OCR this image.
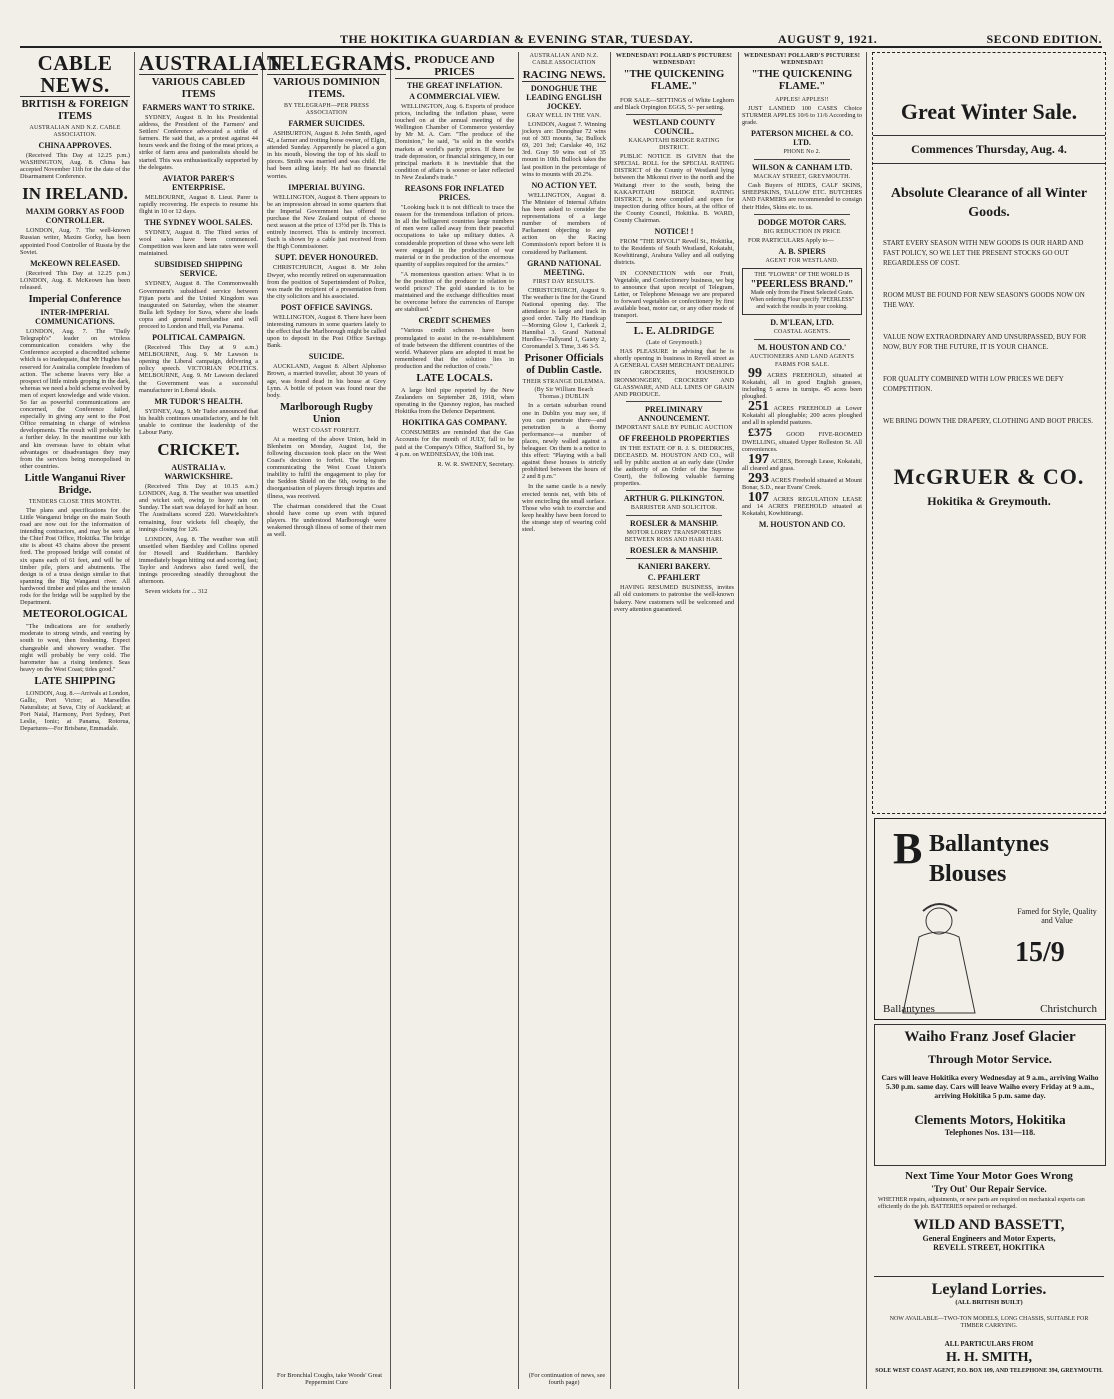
THE HOKITIKA GUARDIAN & EVENING STAR, TUESDAY.	AUGUST 9, 1921.	SECOND EDITION.
CABLE NEWS.
BRITISH & FOREIGN ITEMS
AUSTRALIAN AND N.Z. CABLE ASSOCIATION.
CHINA APPROVES.

(Received This Day at 12.25 p.m.) WASHINGTON, Aug. 8. China has accepted November 11th for the date of the Disarmament Conference.

IN IRELAND.
MAXIM GORKY AS FOOD CONTROLLER.

LONDON, Aug. 7. The well-known Russian writer, Maxim Gorky, has been appointed Food Controller of Russia by the Soviet.

McKEOWN RELEASED.

(Received This Day at 12.25 p.m.) LONDON, Aug. 8. McKeown has been released.

Imperial Conference
INTER-IMPERIAL COMMUNICATIONS.

LONDON, Aug. 7. The "Daily Telegraph's" leader on wireless communication considers why the Conference accepted a discredited scheme which is so inadequate, that Mr Hughes has reserved for Australia complete freedom of action. The scheme leaves very like a prospect of little minds groping in the dark, whereas we need a bold scheme evolved by men of expert knowledge and wide vision. So far as powerful communications are concerned, the Conference failed, especially in giving any sent to the Post Office remaining in charge of wireless developments. The result will probably be a further delay. In the meantime our kith and kin overseas have to obtain what advantages or disadvantages they may from the services being monopolised in other countries.

Little Wanganui River Bridge.
TENDERS CLOSE THIS MONTH.

The plans and specifications for the Little Wanganui bridge on the main South road are now out for the information of intending contractors, and may be seen at the Chief Post Office, Hokitika. The bridge site is about 43 chains above the present ford. The proposed bridge will consist of six spans each of 61 feet, and will be of timber pile, piers and abutments. The design is of a truss design similar to that spanning the Big Wanganui river. All hardwood timber and piles and the tension rods for the bridge will be supplied by the Department.

METEOROLOGICAL

"The indications are for southerly moderate to strong winds, and veering by south to west, then freshening. Expect changeable and showery weather. The night will probably be very cold. The barometer has a rising tendency. Seas heavy on the West Coast; tides good."

LATE SHIPPING

LONDON, Aug. 8.—Arrivals at London, Gallic, Port Victor; at Marseilles Naturaliste; at Suva, City of Auckland; at Port Natal, Harmony, Port Sydney, Port Leslie, Ionic; at Panama, Rotorua, Departures—For Brisbane, Emmadale.

AUSTRALIAN.
VARIOUS CABLED ITEMS
FARMERS WANT TO STRIKE.

SYDNEY, August 8. In his Presidential address, the President of the Farmers' and Settlers' Conference advocated a strike of farmers. He said that, as a protest against 44 hours week and the fixing of the meat prices, a strike of farm area and pastoralists should be started. This was enthusiastically supported by the delegates.

AVIATOR PARER'S ENTERPRISE.

MELBOURNE, August 8. Lieut. Parer is rapidly recovering. He expects to resume his flight in 10 or 12 days.

THE SYDNEY WOOL SALES.

SYDNEY, August 8. The Third series of wool sales have been commenced. Competition was keen and late rates were well maintained.

SUBSIDISED SHIPPING SERVICE.

SYDNEY, August 8. The Commonwealth Government's subsidised service between Fijian ports and the United Kingdom was inaugurated on Saturday, when the steamer Bulla left Sydney for Suva, where she loads copra and general merchandise and will proceed to London and Hull, via Panama.

POLITICAL CAMPAIGN.

(Received This Day at 9 a.m.) MELBOURNE, Aug. 9. Mr Lawson is opening the Liberal campaign, delivering a policy speech. VICTORIAN POLITICS. MELBOURNE, Aug. 9. Mr Lawson declared the Government was a successful manufacturer in Liberal ideals.

MR TUDOR'S HEALTH.

SYDNEY, Aug. 9. Mr Tudor announced that his health continues unsatisfactory, and he felt unable to continue the leadership of the Labour Party.

CRICKET.
AUSTRALIA v. WARWICKSHIRE.

(Received This Day at 10.15 a.m.) LONDON, Aug. 8. The weather was unsettled and wicket soft, owing to heavy rain on Sunday. The start was delayed for half an hour. The Australians scored 220. Warwickshire's remaining, four wickets fell cheaply, the innings closing for 126.

LONDON, Aug. 8. The weather was still unsettled when Bardsley and Collins opened for Howell and Rudderham. Bardsley immediately began hitting out and scoring fast; Taylor and Andrews also fared well, the innings proceeding steadily throughout the afternoon.

Seven wickets for ... 312

TELEGRAMS.
VARIOUS DOMINION ITEMS.
BY TELEGRAPH—PER PRESS ASSOCIATION
FARMER SUICIDES.

ASHBURTON, August 8. John Smith, aged 42, a farmer and trotting horse owner, of Elgin, attended Sunday. Apparently he placed a gun in his mouth, blowing the top of his skull to pieces. Smith was married and was child. He had been ailing lately. He had no financial worries.

IMPERIAL BUYING.

WELLINGTON, August 8. There appears to be an impression abroad in some quarters that the Imperial Government has offered to purchase the New Zealand output of cheese next season at the price of 13½d per lb. This is entirely incorrect. This is entirely incorrect. Such is shown by a cable just received from the High Commissioner.

SUPT. DEVER HONOURED.

CHRISTCHURCH, August 8. Mr John Dwyer, who recently retired on superannuation from the position of Superintendent of Police, was made the recipient of a presentation from the city solicitors and his associated.

POST OFFICE SAVINGS.

WELLINGTON, August 8. There have been interesting rumours in some quarters lately to the effect that the Marlborough might be called upon to deposit in the Post Office Savings Bank.

SUICIDE.

AUCKLAND, August 8. Albert Alphonso Brown, a married traveller, about 30 years of age, was found dead in his house at Grey Lynn. A bottle of poison was found near the body.

Marlborough Rugby Union
WEST COAST FORFEIT.

At a meeting of the above Union, held in Blenheim on Monday, August 1st, the following discussion took place on the West Coast's decision to forfeit. The telegram communicating the West Coast Union's inability to fulfil the engagement to play for the Seddon Shield on the 6th, owing to the disorganisation of players through injuries and illness, was received.

The chairman considered that the Coast should have come up even with injured players. He understood Marlborough were weakened through illness of some of their men as well.

For Bronchial Coughs, take Woods' Great Peppermint Cure

PRODUCE AND PRICES
THE GREAT INFLATION.
A COMMERCIAL VIEW.

WELLINGTON, Aug. 6. Exports of produce prices, including the inflation phase, were touched on at the annual meeting of the Wellington Chamber of Commerce yesterday by Mr M. A. Carr. "The produce of the Dominion," he said, "is sold in the world's markets at world's parity prices. If there be trade depression, or financial stringency, in our principal markets it is inevitable that the condition of affairs is sooner or later reflected in New Zealand's trade."

REASONS FOR INFLATED PRICES.

"Looking back it is not difficult to trace the reason for the tremendous inflation of prices. In all the belligerent countries large numbers of men were called away from their peaceful occupations to take up military duties. A considerable proportion of those who were left were engaged in the production of war material or in the production of the enormous quantity of supplies required for the armies."

"A momentous question arises: What is to be the position of the producer in relation to world prices? The gold standard is to be maintained and the exchange difficulties must be overcome before the currencies of Europe are stabilised."

CREDIT SCHEMES

"Various credit schemes have been promulgated to assist in the re-establishment of trade between the different countries of the world. Whatever plans are adopted it must be remembered that the solution lies in production and the reduction of costs."

LATE LOCALS.

A large bird pipe reported by the New Zealanders on September 28, 1918, when operating in the Quesnoy region, has reached Hokitika from the Defence Department.

HOKITIKA GAS COMPANY.

CONSUMERS are reminded that the Gas Accounts for the month of JULY, fall to be paid at the Company's Office, Stafford St., by 4 p.m. on WEDNESDAY, the 10th inst.

R. W. R. SWENEY, Secretary.

AUSTRALIAN AND N.Z. CABLE ASSOCIATION
RACING NEWS.
DONOGHUE THE LEADING ENGLISH JOCKEY.
GRAY WELL IN THE VAN.

LONDON, August 7. Winning jockeys are: Donoghue 72 wins out of 303 mounts, 3a; Bullock 69, 201 3rd; Carslake 40, 162 3rd. Gray 59 wins out of 35 mount in 10th. Bullock takes the last position in the percentage of wins to mounts with 20.2%.

NO ACTION YET.

WELLINGTON, August 8. The Minister of Internal Affairs has been asked to consider the representations of a large number of members of Parliament objecting to any action on the Racing Commission's report before it is considered by Parliament.

GRAND NATIONAL MEETING.
FIRST DAY RESULTS.

CHRISTCHURCH, August 9. The weather is fine for the Grand National opening day. The attendance is large and track in good order. Tally Ho Handicap—Morning Glow 1, Carkeek 2, Hannibal 3. Grand National Hurdles—Tallyrand 1, Gaiety 2, Coromandel 3. Time, 3.46 3-5.

Prisoner Officials of Dublin Castle.
THEIR STRANGE DILEMMA.
(By Sir William Beach Thomas.) DUBLIN

In a certain suburban round one in Dublin you may see, if you can penetrate there—and penetration is a thorny performance—a number of places, newly walled against a beleaguer. On them is a notice to this effect: "Playing with a ball against these houses is strictly prohibited between the hours of 2 and 8 p.m."

In the same castle is a newly erected tennis net, with bits of wire encircling the small surface. Those who wish to exercise and keep healthy have been forced to the strange step of wearing cold steel.

(For continuation of news, see fourth page)

WEDNESDAY! POLLARD'S PICTURES! WEDNESDAY!
"THE QUICKENING FLAME."

FOR SALE—SETTINGS of White Leghorn and Black Orpington EGGS, 5/- per setting.

WESTLAND COUNTY COUNCIL.
KAKAPOTAHI BRIDGE RATING DISTRICT.

PUBLIC NOTICE IS GIVEN that the SPECIAL ROLL for the SPECIAL RATING DISTRICT of the County of Westland lying between the Mikonui river to the north and the Waitangi river to the south, being the KAKAPOTAHI BRIDGE RATING DISTRICT, is now compiled and open for inspection during office hours, at the office of the County Council, Hokitika. B. WARD, County Chairman.

NOTICE! !

FROM "THE RIVOLI" Revell St., Hokitika, to the Residents of South Westland, Kokatahi, Kowhitirangi, Arahura Valley and all outlying districts.

IN CONNECTION with our Fruit, Vegetable, and Confectionery business, we beg to announce that upon receipt of Telegram, Letter, or Telephone Message we are prepared to forward vegetables or confectionery by first available boat, motor car, or any other mode of transport.

L. E. ALDRIDGE
(Late of Greymouth.)

HAS PLEASURE in advising that he is shortly opening in business in Revell street as A GENERAL CASH MERCHANT DEALING IN GROCERIES, HOUSEHOLD IRONMONGERY, CROCKERY AND GLASSWARE, AND ALL LINES OF GRAIN AND PRODUCE.

PRELIMINARY ANNOUNCEMENT.
IMPORTANT SALE BY PUBLIC AUCTION
OF FREEHOLD PROPERTIES

IN THE ESTATE OF R. J. S. DIEDRICHS, DECEASED. M. HOUSTON AND CO., will sell by public auction at an early date (Under the authority of an Order of the Supreme Court), the following valuable farming properties.

ARTHUR G. PILKINGTON.
BARRISTER AND SOLICITOR.
ROESLER & MANSHIP.
MOTOR LORRY TRANSPORTERS BETWEEN ROSS AND HARI HARI.
ROESLER & MANSHIP.
KANIERI BAKERY.
C. PFAHLERT

HAVING RESUMED BUSINESS, invites all old customers to patronise the well-known bakery. New customers will be welcomed and every attention guaranteed.

WEDNESDAY! POLLARD'S PICTURES! WEDNESDAY!
"THE QUICKENING FLAME."
APPLES! APPLES!!

JUST LANDED 100 CASES Choice STURMER APPLES 10/6 to 11/6 According to grade.

PATERSON MICHEL & CO. LTD.
PHONE No 2.
WILSON & CANHAM LTD.
MACKAY STREET, GREYMOUTH.

Cash Buyers of HIDES, CALF SKINS, SHEEPSKINS, TALLOW ETC. BUTCHERS AND FARMERS are recommended to consign their Hides, Skins etc. to us.

DODGE MOTOR CARS.
BIG REDUCTION IN PRICE

FOR PARTICULARS Apply to—

A. B. SPIERS
AGENT FOR WESTLAND.
THE "FLOWER" OF THE WORLD IS
"PEERLESS BRAND."
Made only from the Finest Selected Grain. When ordering Flour specify "PEERLESS" and watch the results in your cooking.
D. M'LEAN, LTD.
COASTAL AGENTS.
M. HOUSTON AND CO.'
AUCTIONEERS AND LAND AGENTS
FARMS FOR SALE.

99 ACRES FREEHOLD, situated at Kokatahi, all in good English grasses, including 5 acres in turnips. 45 acres been ploughed.

251 ACRES FREEHOLD at Lower Kokatahi all ploughable; 200 acres ploughed and all in splendid pastures.

£375 GOOD FIVE-ROOMED DWELLING, situated Upper Rolleston St. All conveniences.

197 ACRES, Borough Lease, Kokatahi, all cleared and grass.

293 ACRES Freehold situated at Mount Bonar, S.D., near Evans' Creek.

107 ACRES REGULATION LEASE and 14 ACRES FREEHOLD situated at Kokatahi, Kowhitirangi.

M. HOUSTON AND CO.
Great Winter Sale.
Commences Thursday, Aug. 4.
Absolute Clearance of all Winter Goods.
START EVERY SEASON WITH NEW GOODS IS OUR HARD AND FAST POLICY, SO WE LET THE PRESENT STOCKS GO OUT REGARDLESS OF COST.
ROOM MUST BE FOUND FOR NEW SEASON'S GOODS NOW ON THE WAY.
VALUE NOW EXTRAORDINARY AND UNSURPASSED, BUY FOR NOW, BUY FOR THE FUTURE, IT IS YOUR CHANCE.
FOR QUALITY COMBINED WITH LOW PRICES WE DEFY COMPETITION.
WE BRING DOWN THE DRAPERY, CLOTHING AND BOOT PRICES.
McGRUER & CO.
Hokitika & Greymouth.
B Ballantynes
Blouses
Famed for Style, Quality and Value
15/9
Ballantynes	Christchurch
Waiho Franz Josef Glacier
Through Motor Service.
Cars will leave Hokitika every Wednesday at 9 a.m., arriving Waiho 5.30 p.m. same day. Cars will leave Waiho every Friday at 9 a.m., arriving Hokitika 5 p.m. same day.
Clements Motors, Hokitika
Telephones Nos. 131—118.
Next Time Your Motor Goes Wrong
'Try Out' Our Repair Service.
WHETHER repairs, adjustments, or new parts are required on mechanical experts can efficiently do the job. BATTERIES repaired or recharged.
WILD AND BASSETT,
General Engineers and Motor Experts,
REVELL STREET, HOKITIKA
Leyland Lorries.
(ALL BRITISH BUILT)
NOW AVAILABLE—TWO-TON MODELS, LONG CHASSIS, SUITABLE FOR TIMBER CARRYING.
ALL PARTICULARS FROM
H. H. SMITH,
SOLE WEST COAST AGENT, P.O. BOX 109, AND TELEPHONE 394, GREYMOUTH.
